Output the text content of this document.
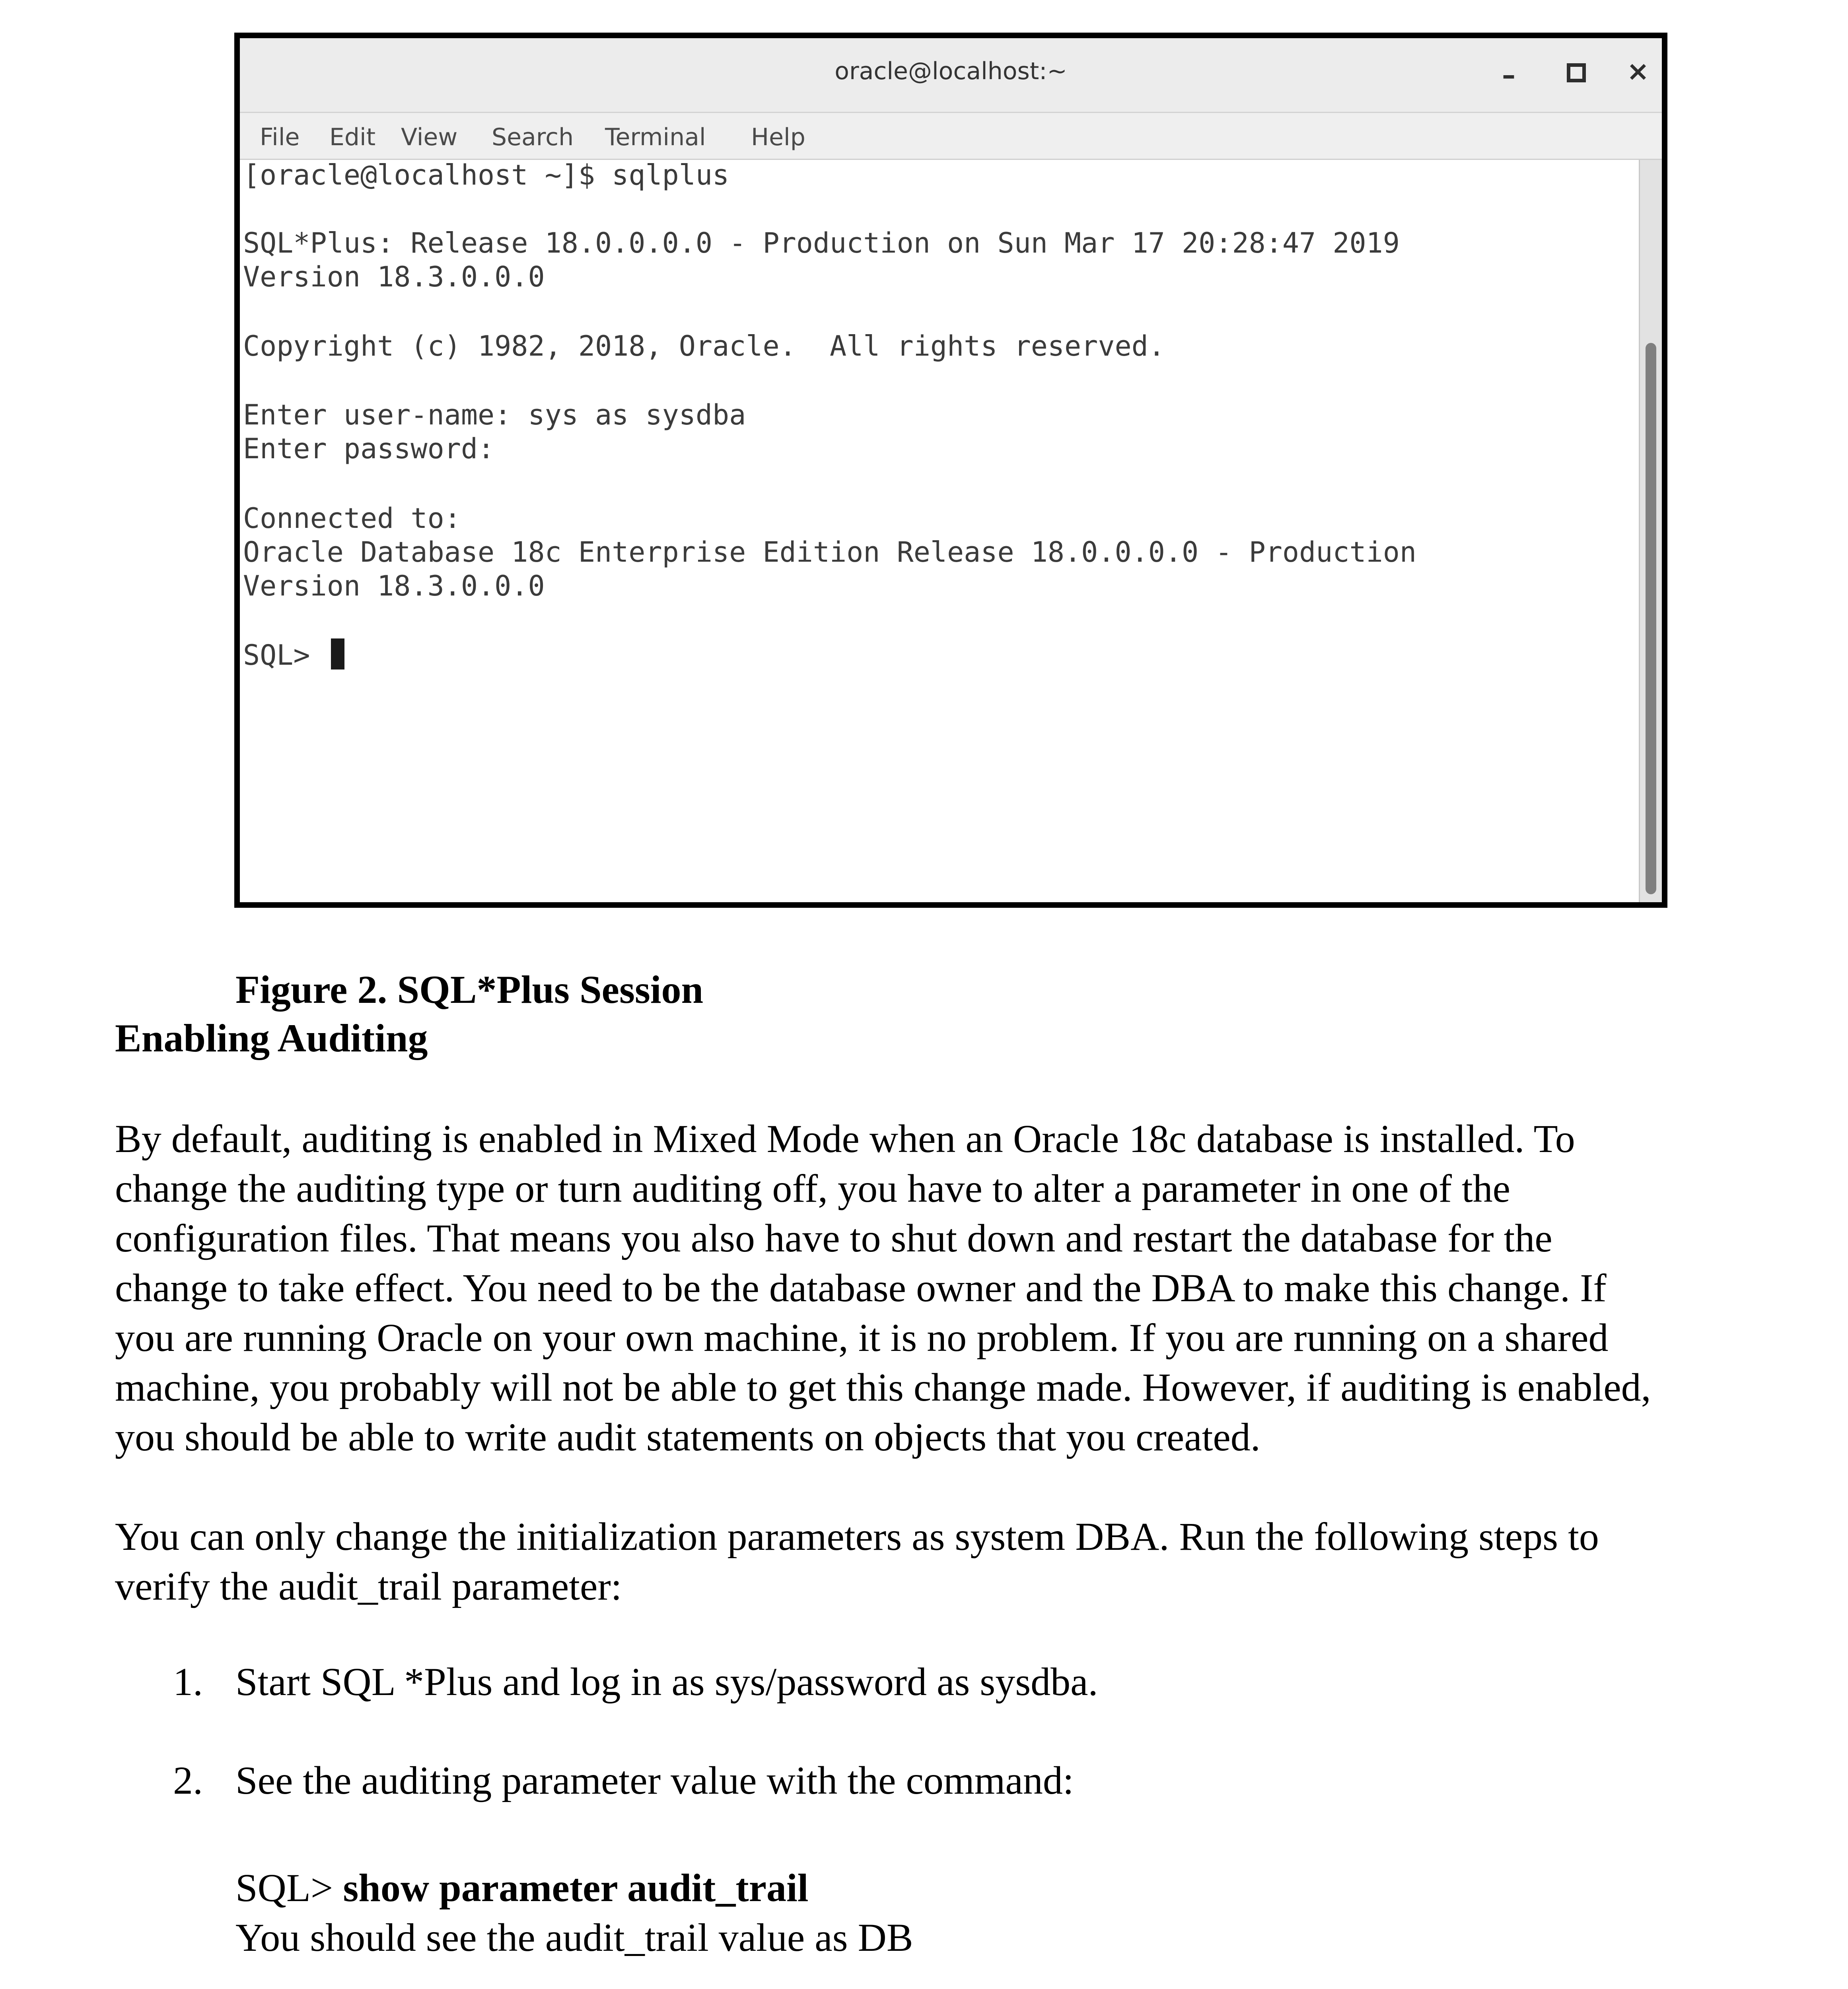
oracle@localhost:~	–	×
File Edit View Search Terminal Help
[oracle@localhost ~]$ sqlplus
SQL*Plus: Release 18.0.0.0.0 - Production on Sun Mar 17 20:28:47 2019
Version 18.3.0.0.0
Copyright (c) 1982, 2018, Oracle.  All rights reserved.
Enter user-name: sys as sysdba
Enter password:
Connected to:
Oracle Database 18c Enterprise Edition Release 18.0.0.0.0 - Production
Version 18.3.0.0.0
SQL>
Figure 2. SQL*Plus Session
Enabling Auditing
By default, auditing is enabled in Mixed Mode when an Oracle 18c database is installed. To
change the auditing type or turn auditing off, you have to alter a parameter in one of the
configuration files. That means you also have to shut down and restart the database for the
change to take effect. You need to be the database owner and the DBA to make this change. If
you are running Oracle on your own machine, it is no problem. If you are running on a shared
machine, you probably will not be able to get this change made. However, if auditing is enabled,
you should be able to write audit statements on objects that you created.
You can only change the initialization parameters as system DBA. Run the following steps to
verify the audit_trail parameter:
1. Start SQL *Plus and log in as sys/password as sysdba.
2. See the auditing parameter value with the command:
SQL> show parameter audit_trail
You should see the audit_trail value as DB
